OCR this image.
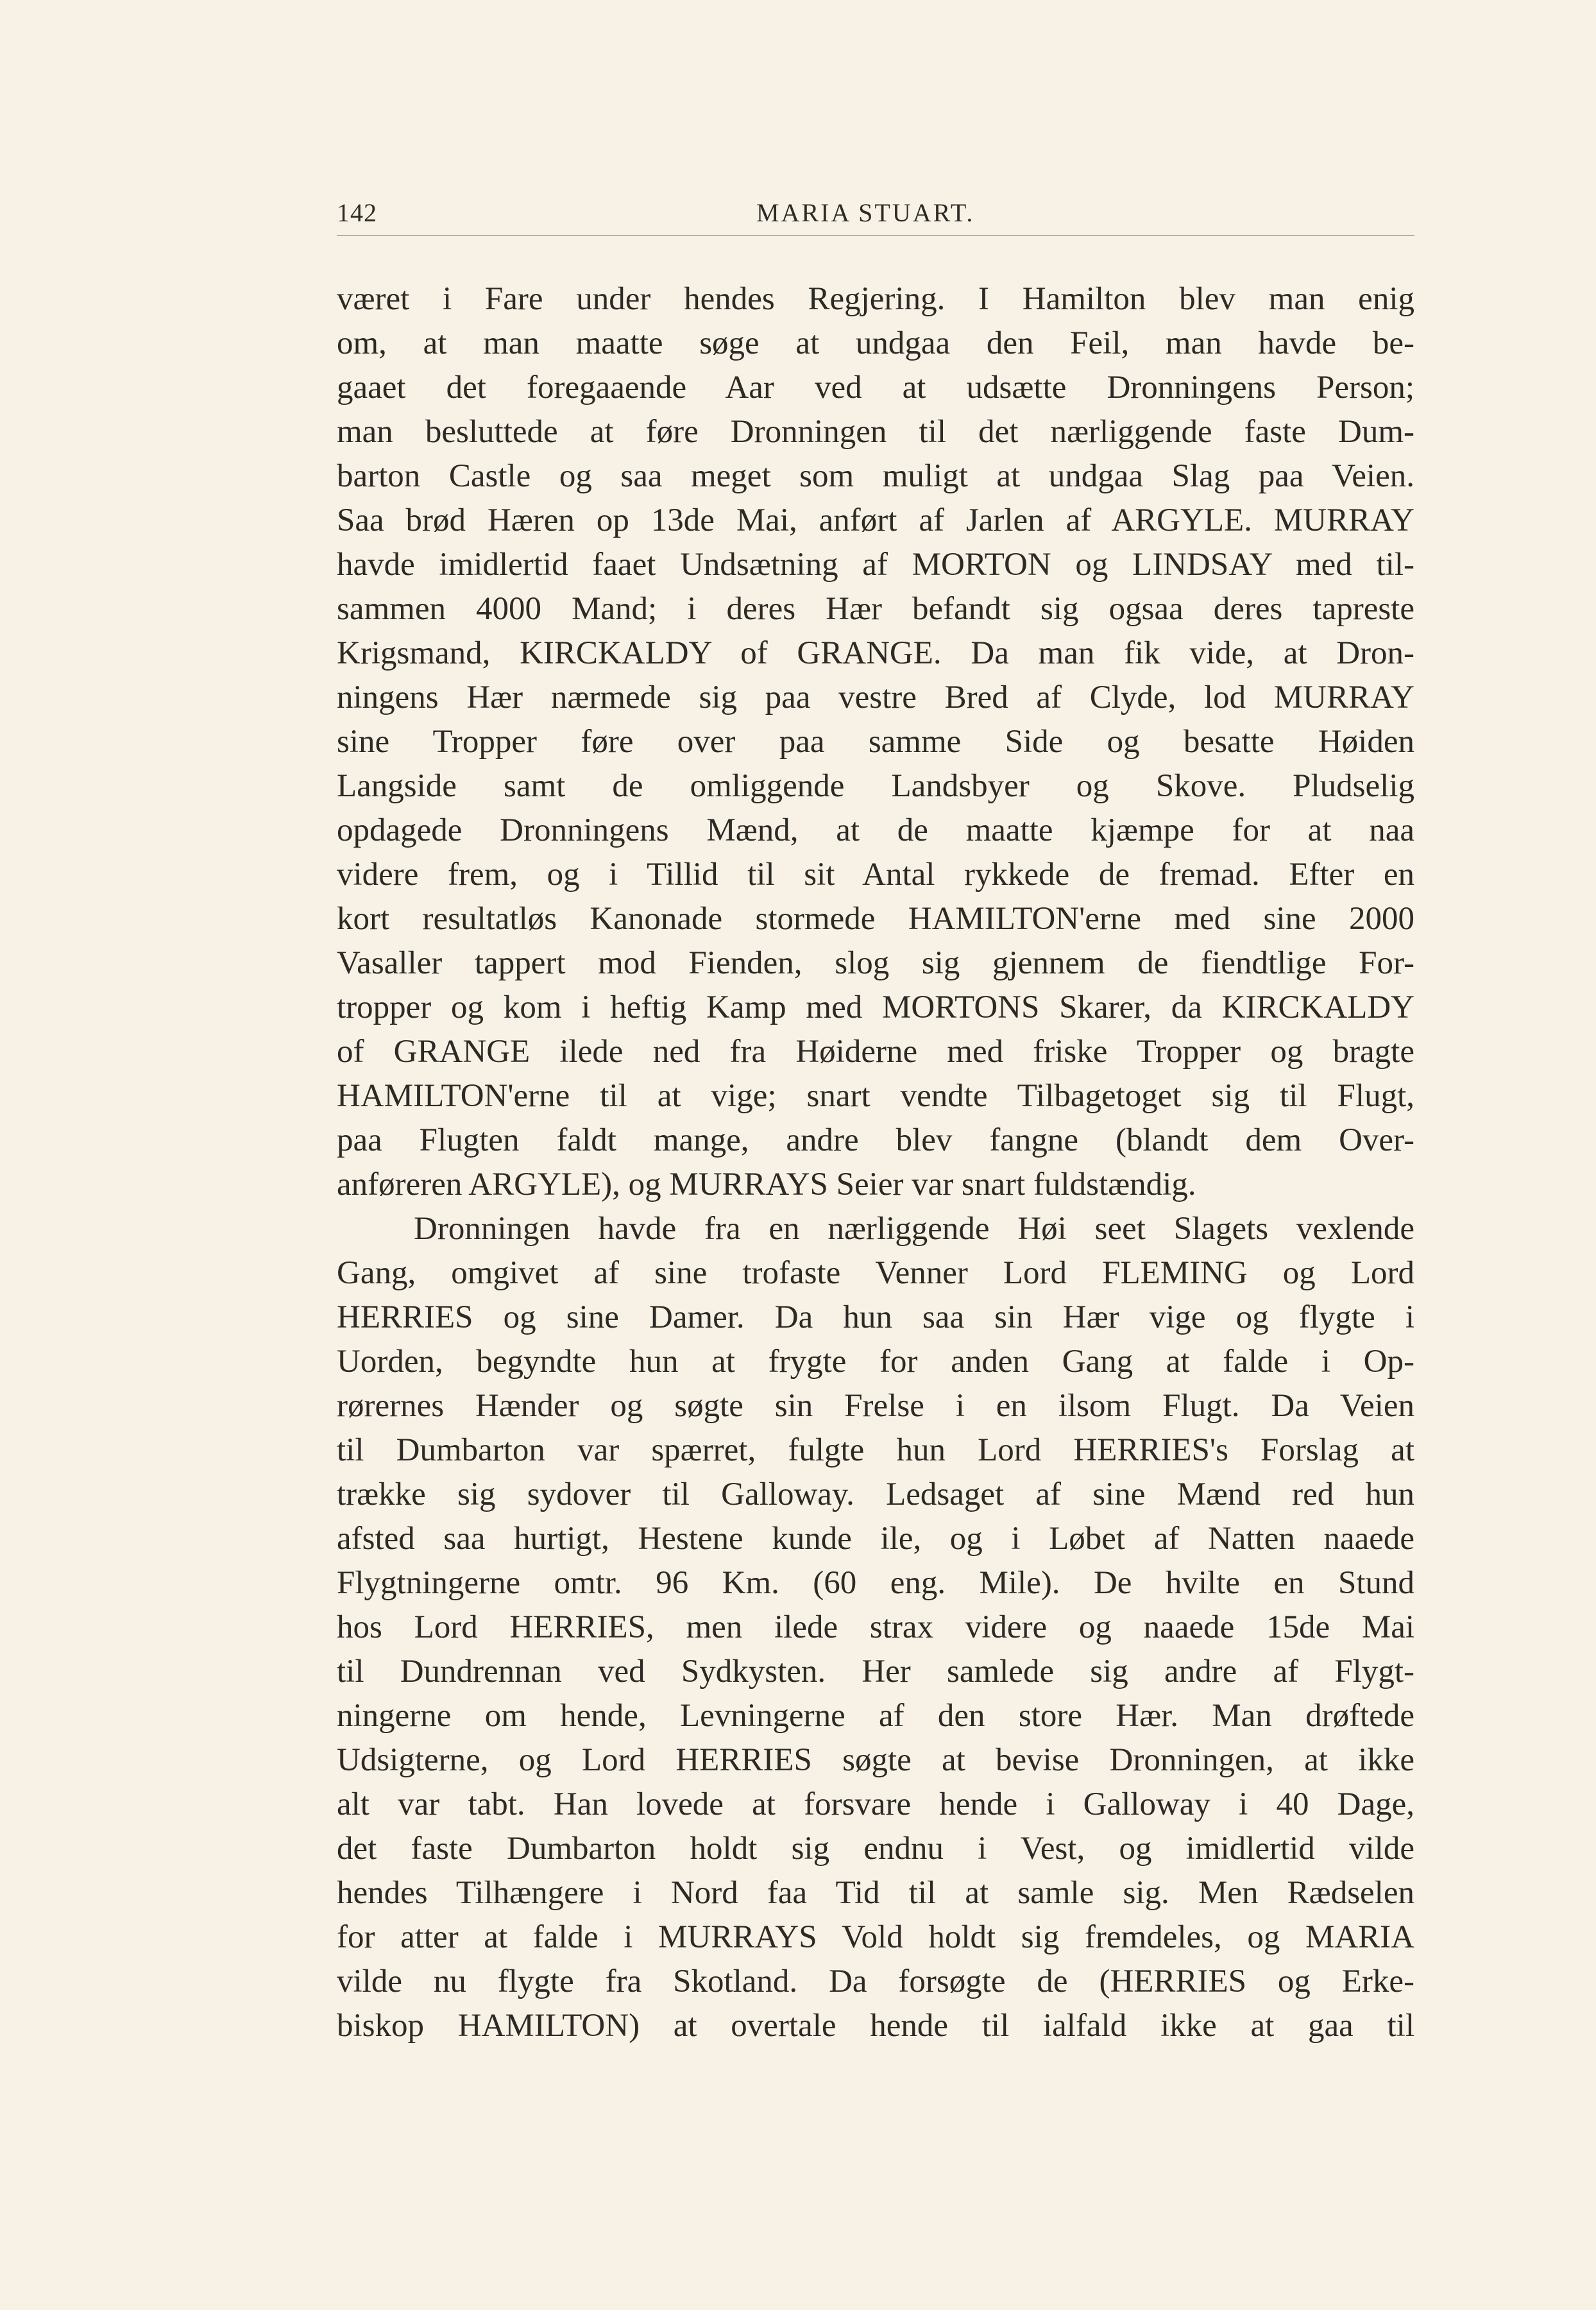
142	MARIA STUART.
været i Fare under hendes Regjering. I Hamilton blev man enig
om, at man maatte søge at undgaa den Feil, man havde be-
gaaet det foregaaende Aar ved at udsætte Dronningens Person;
man besluttede at føre Dronningen til det nærliggende faste Dum-
barton Castle og saa meget som muligt at undgaa Slag paa Veien.
Saa brød Hæren op 13de Mai, anført af Jarlen af ARGYLE. MURRAY
havde imidlertid faaet Undsætning af MORTON og LINDSAY med til-
sammen 4000 Mand; i deres Hær befandt sig ogsaa deres tapreste
Krigsmand, KIRCKALDY of GRANGE. Da man fik vide, at Dron-
ningens Hær nærmede sig paa vestre Bred af Clyde, lod MURRAY
sine Tropper føre over paa samme Side og besatte Høiden
Langside samt de omliggende Landsbyer og Skove. Pludselig
opdagede Dronningens Mænd, at de maatte kjæmpe for at naa
videre frem, og i Tillid til sit Antal rykkede de fremad. Efter en
kort resultatløs Kanonade stormede HAMILTON'erne med sine 2000
Vasaller tappert mod Fienden, slog sig gjennem de fiendtlige For-
tropper og kom i heftig Kamp med MORTONS Skarer, da KIRCKALDY
of GRANGE ilede ned fra Høiderne med friske Tropper og bragte
HAMILTON'erne til at vige; snart vendte Tilbagetoget sig til Flugt,
paa Flugten faldt mange, andre blev fangne (blandt dem Over-
anføreren ARGYLE), og MURRAYS Seier var snart fuldstændig.
Dronningen havde fra en nærliggende Høi seet Slagets vexlende
Gang, omgivet af sine trofaste Venner Lord FLEMING og Lord
HERRIES og sine Damer. Da hun saa sin Hær vige og flygte i
Uorden, begyndte hun at frygte for anden Gang at falde i Op-
rørernes Hænder og søgte sin Frelse i en ilsom Flugt. Da Veien
til Dumbarton var spærret, fulgte hun Lord HERRIES's Forslag at
trække sig sydover til Galloway. Ledsaget af sine Mænd red hun
afsted saa hurtigt, Hestene kunde ile, og i Løbet af Natten naaede
Flygtningerne omtr. 96 Km. (60 eng. Mile). De hvilte en Stund
hos Lord HERRIES, men ilede strax videre og naaede 15de Mai
til Dundrennan ved Sydkysten. Her samlede sig andre af Flygt-
ningerne om hende, Levningerne af den store Hær. Man drøftede
Udsigterne, og Lord HERRIES søgte at bevise Dronningen, at ikke
alt var tabt. Han lovede at forsvare hende i Galloway i 40 Dage,
det faste Dumbarton holdt sig endnu i Vest, og imidlertid vilde
hendes Tilhængere i Nord faa Tid til at samle sig. Men Rædselen
for atter at falde i MURRAYS Vold holdt sig fremdeles, og MARIA
vilde nu flygte fra Skotland. Da forsøgte de (HERRIES og Erke-
biskop HAMILTON) at overtale hende til ialfald ikke at gaa til
